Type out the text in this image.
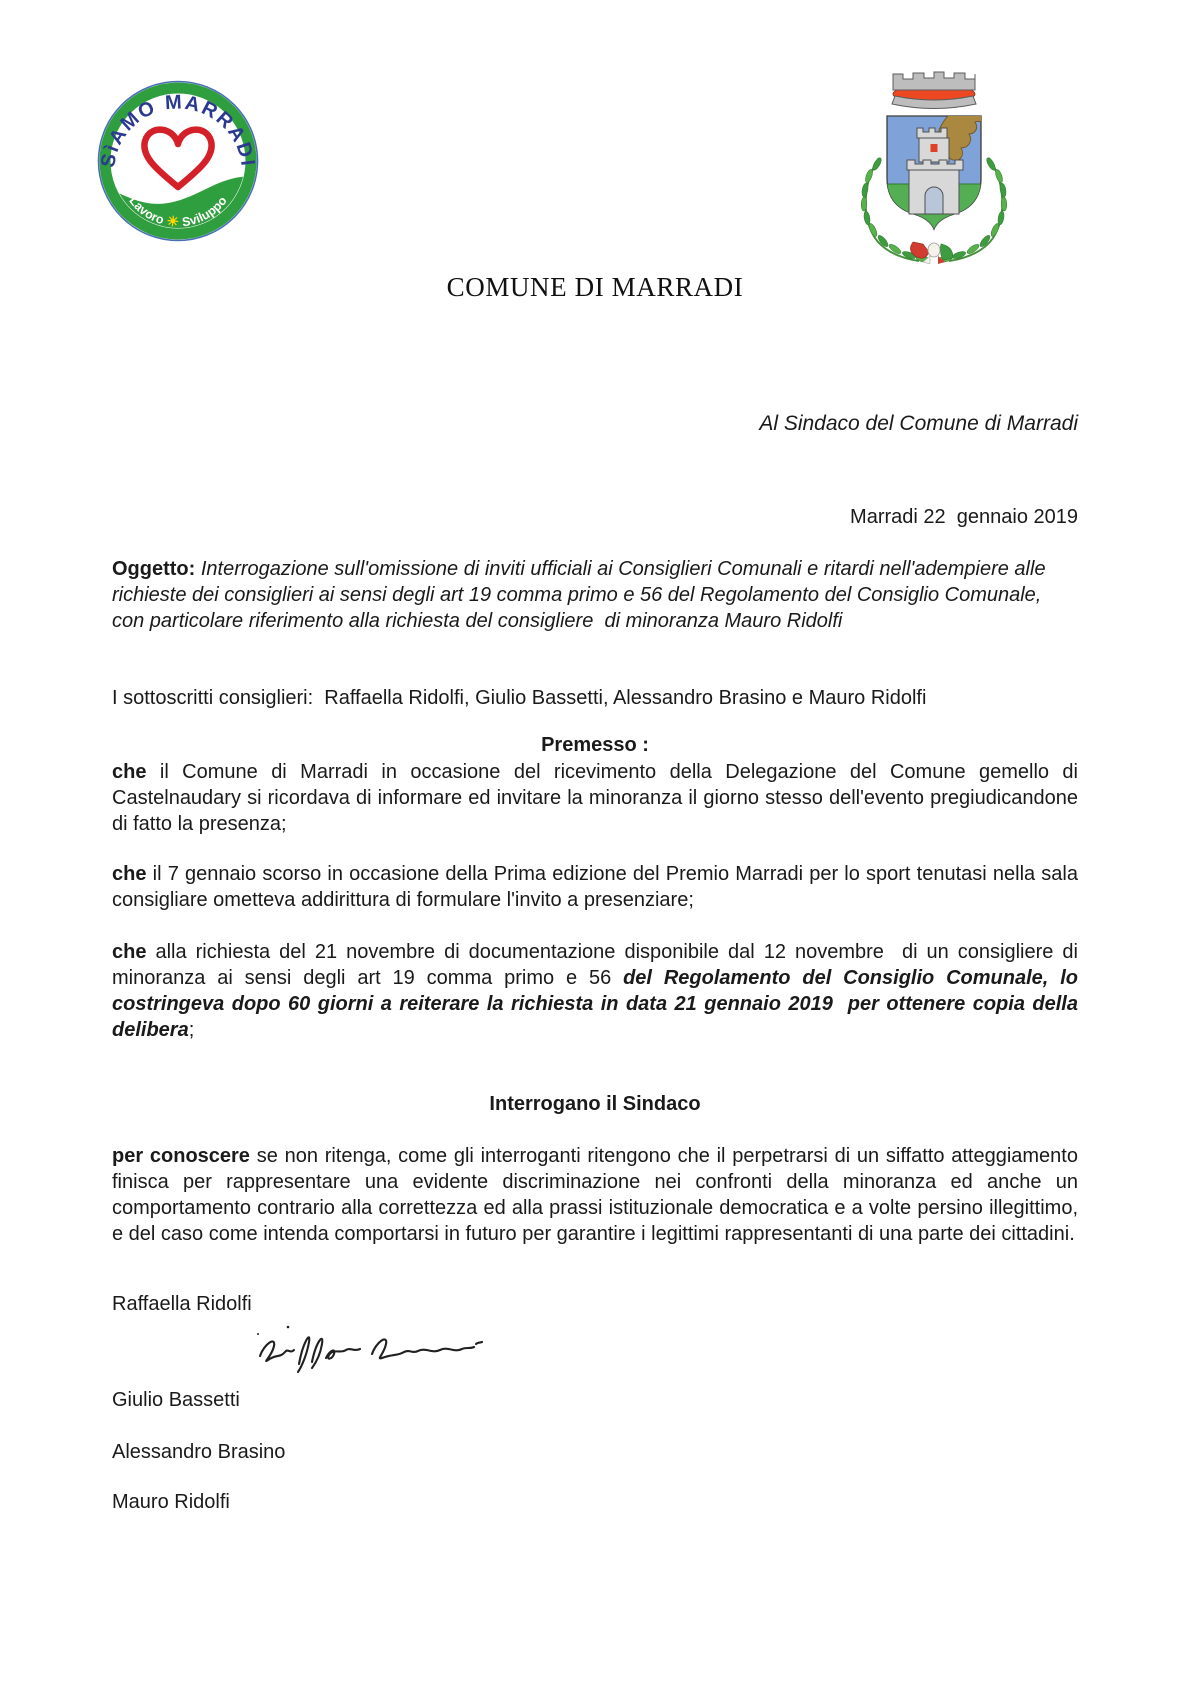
SìAMO MARRADI
Lavoro☀Sviluppo
COMUNE DI MARRADI

Al Sindaco del Comune di Marradi

Marradi 22  gennaio 2019

Oggetto: Interrogazione sull'omissione di inviti ufficiali ai Consiglieri Comunali e ritardi nell'adempiere alle richieste dei consiglieri ai sensi degli art 19 comma primo e 56 del Regolamento del Consiglio Comunale, con particolare riferimento alla richiesta del consigliere  di minoranza Mauro Ridolfi

I sottoscritti consiglieri:  Raffaella Ridolfi, Giulio Bassetti, Alessandro Brasino e Mauro Ridolfi

Premesso :

che il Comune di Marradi in occasione del ricevimento della Delegazione del Comune gemello di Castelnaudary si ricordava di informare ed invitare la minoranza il giorno stesso dell'evento pregiudicandone di fatto la presenza;

che il 7 gennaio scorso in occasione della Prima edizione del Premio Marradi per lo sport tenutasi nella sala consigliare ometteva addirittura di formulare l'invito a presenziare;

che alla richiesta del 21 novembre di documentazione disponibile dal 12 novembre  di un consigliere di minoranza ai sensi degli art 19 comma primo e 56 del Regolamento del Consiglio Comunale, lo costringeva dopo 60 giorni a reiterare la richiesta in data 21 gennaio 2019  per ottenere copia della delibera;

Interrogano il Sindaco

per conoscere se non ritenga, come gli interroganti ritengono che il perpetrarsi di un siffatto atteggiamento finisca per rappresentare una evidente discriminazione nei confronti della minoranza ed anche un comportamento contrario alla correttezza ed alla prassi istituzionale democratica e a volte persino illegittimo, e del caso come intenda comportarsi in futuro per garantire i legittimi rappresentanti di una parte dei cittadini.

Raffaella Ridolfi

Giulio Bassetti

Alessandro Brasino

Mauro Ridolfi
